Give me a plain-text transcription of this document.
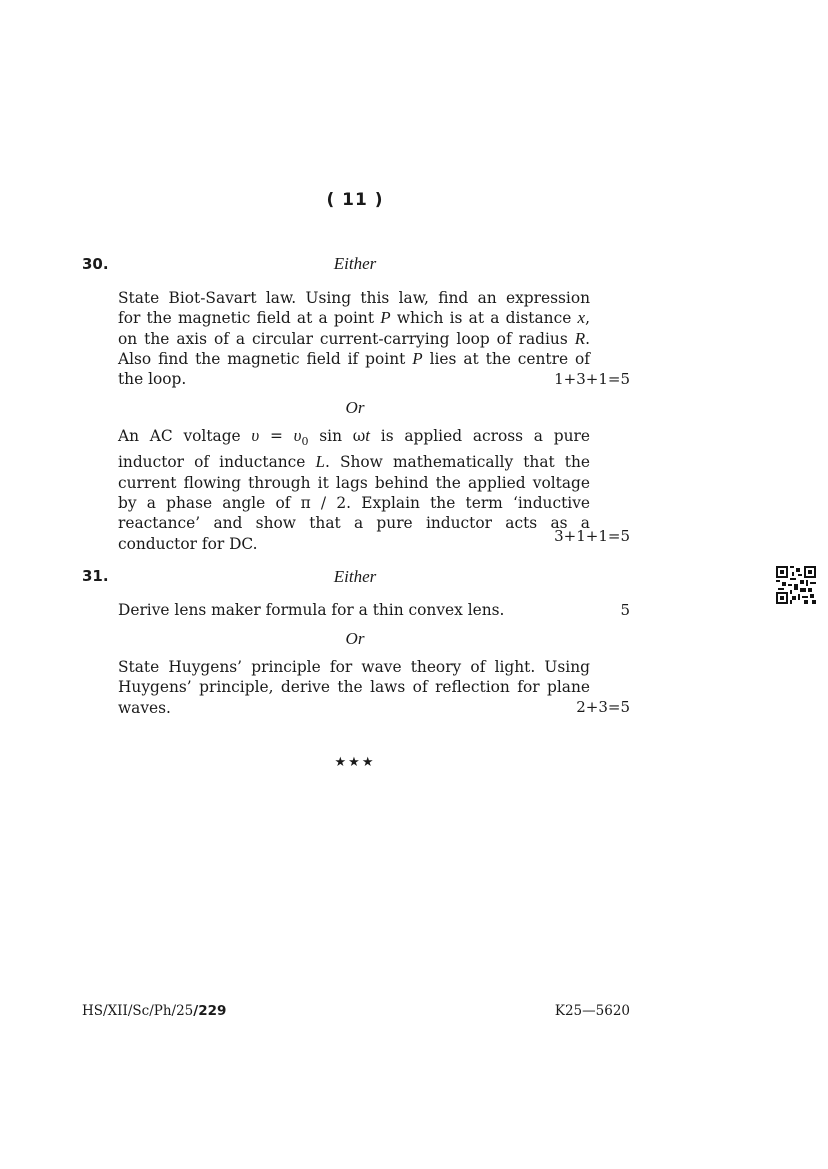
( 11 )
30.	Either
State Biot-Savart law. Using this law, find an expression
for the magnetic field at a point P which is at a distance x,
on the axis of a circular current-carrying loop of radius R.
Also find the magnetic field if point P lies at the centre of
the loop.	1+3+1=5
Or
An AC voltage $\upsilon = \upsilon_0$ sin ωt is applied across a pure
inductor of inductance L. Show mathematically that the
current flowing through it lags behind the applied voltage
by a phase angle of π / 2. Explain the term ‘inductive
reactance’ and show that a pure inductor acts as a
conductor for DC.	3+1+1=5
31.	Either
Derive lens maker formula for a thin convex lens.	5
Or
State Huygens’ principle for wave theory of light. Using
Huygens’ principle, derive the laws of reflection for plane
waves.	2+3=5
★★★
HS/XII/Sc/Ph/25/229	K25—5620
